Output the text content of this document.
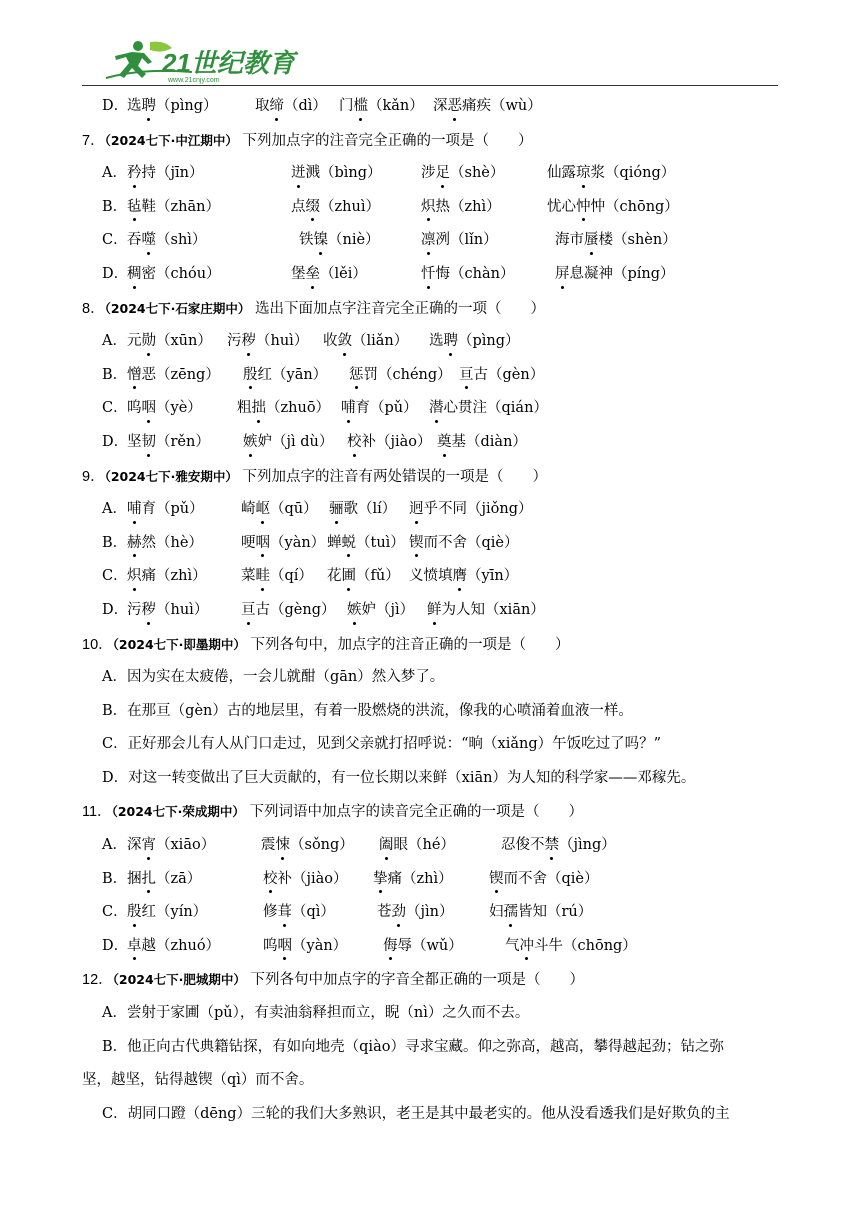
21世纪教育
www.21cnjy.com
D．
选聘（pìng）	取缔（dì） 门槛（kǎn） 深恶痛疾（wù）
7．（2024七下·中江期中） 下列加点字的注音完全正确的一项是（　　）
A． 矜持（jīn）	迸溅（bìng）	涉足（shè）	仙露琼浆（qióng）
B． 毡鞋（zhān）	点缀（zhuì）	炽热（zhì）	忧心忡忡（chōng）
C． 吞噬（shì）	铁镍（niè）	凛冽（lǐn）	海市蜃楼（shèn）
D．
稠密（chóu）	堡垒（lěi）	忏悔（chàn）	屏息凝神（píng）
8．（2024七下·石家庄期中） 选出下面加点字注音完全正确的一项（　　）
A． 元勋（xūn） 污秽（huì） 收敛（liǎn） 选聘（pìng）
B． 憎恶（zēng） 殷红（yān） 惩罚（chéng） 亘古（gèn）
C． 呜咽（yè） 粗拙（zhuō） 哺育（pǔ） 潜心贯注（qián）
D．
坚韧（rěn） 嫉妒（jì dù） 校补（jiào） 奠基（diàn）
9．（2024七下·雅安期中） 下列加点字的注音有两处错误的一项是（　　）
A． 哺育（pǔ）	崎岖（qū） 骊歌（lí） 迥乎不同（jiǒng）
B． 赫然（hè）	哽咽（yàn） 蝉蜕（tuì） 锲而不舍（qiè）
C． 炽痛（zhì） 菜畦（qí） 花圃（fǔ） 义愤填膺（yīn）
D．
污秽（huì） 亘古（gèng） 嫉妒（jì） 鲜为人知（xiān）
10．（2024七下·即墨期中） 下列各句中，加点字的注音正确的一项是（　　）
A．因为实在太疲倦，一会儿就酣（gān）然入梦了。
B．在那亘（gèn）古的地层里，有着一股燃烧的洪流，像我的心喷涌着血液一样。
C．正好那会儿有人从门口走过，见到父亲就打招呼说：“晌（xiǎng）午饭吃过了吗？”
D．对这一转变做出了巨大贡献的，有一位长期以来鲜（xiān）为人知的科学家——邓稼先。
11．（2024七下·荣成期中） 下列词语中加点字的读音完全正确的一项是（　　）
A． 深宵（xiāo）	震悚（sǒng） 阖眼（hé）	忍俊不禁（jìng）
B． 捆扎（zā）	校补（jiào） 挚痛（zhì）	锲而不舍（qiè）
C． 殷红（yín）	修葺（qì）	苍劲（jìn） 妇孺皆知（rú）
D．
卓越（zhuó）	呜咽（yàn） 侮辱（wǔ）	气冲斗牛（chōng）
12．（2024七下·肥城期中） 下列各句中加点字的字音全都正确的一项是（　　）
A．尝射于家圃（pǔ），有卖油翁释担而立，睨（nì）之久而不去。
B．他正向古代典籍钻探，有如向地壳（qiào）寻求宝藏。仰之弥高，越高，攀得越起劲；钻之弥
坚，越坚，钻得越锲（qì）而不舍。
C．胡同口蹬（dēng）三轮的我们大多熟识，老王是其中最老实的。他从没看透我们是好欺负的主
